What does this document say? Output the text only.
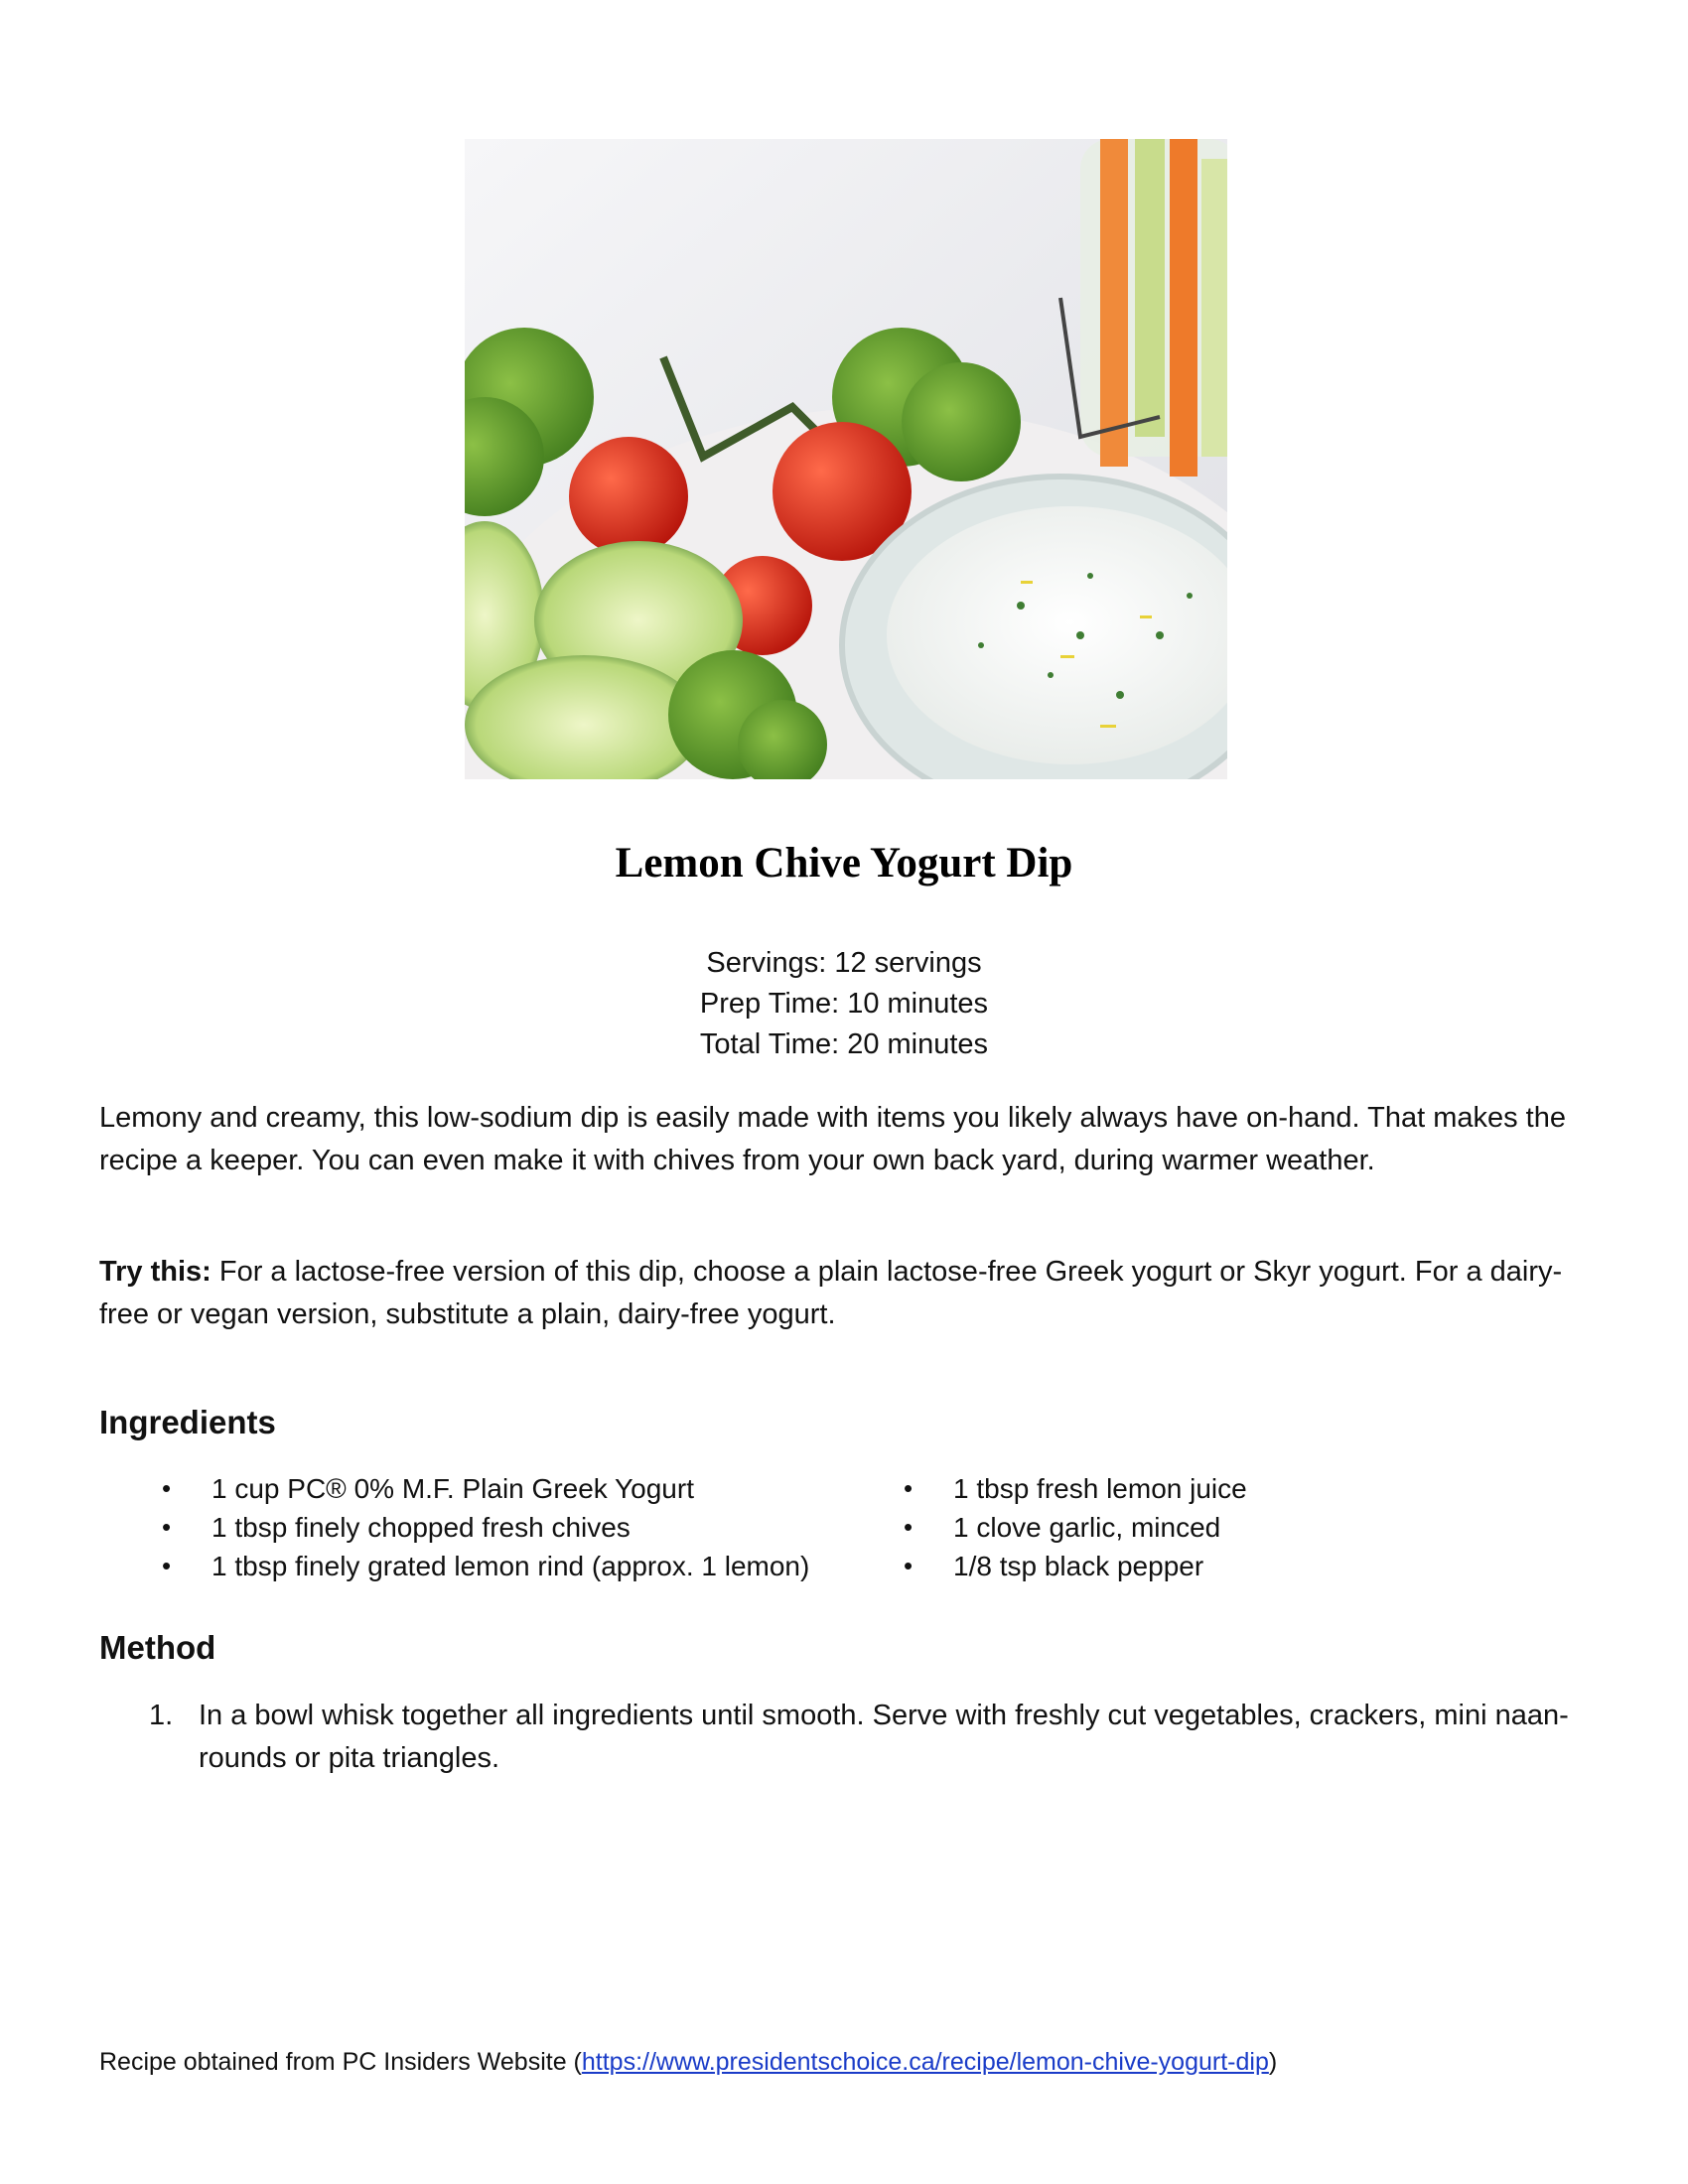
Lemon Chive Yogurt Dip
Servings: 12 servings
Prep Time: 10 minutes
Total Time: 20 minutes
Lemony and creamy, this low-sodium dip is easily made with items you likely always have on-hand. That makes the recipe a keeper. You can even make it with chives from your own back yard, during warmer weather.
Try this: For a lactose-free version of this dip, choose a plain lactose-free Greek yogurt or Skyr yogurt. For a dairy-free or vegan version, substitute a plain, dairy-free yogurt.
Ingredients
• 1 cup PC® 0% M.F. Plain Greek Yogurt
• 1 tbsp finely chopped fresh chives
• 1 tbsp finely grated lemon rind (approx. 1 lemon)
• 1 tbsp fresh lemon juice
• 1 clove garlic, minced
• 1/8 tsp black pepper
Method
1. In a bowl whisk together all ingredients until smooth. Serve with freshly cut vegetables, crackers, mini naan- rounds or pita triangles.
Recipe obtained from PC Insiders Website (https://www.presidentschoice.ca/recipe/lemon-chive-yogurt-dip)
